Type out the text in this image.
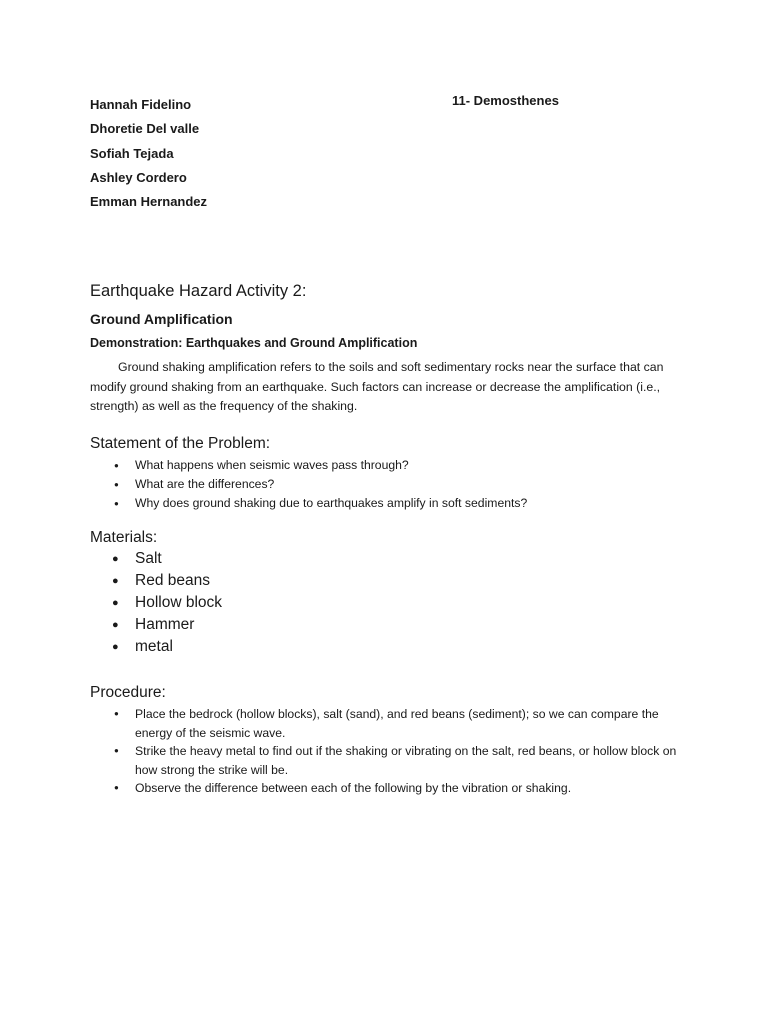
Hannah Fidelino
Dhoretie Del valle
Sofiah Tejada
Ashley Cordero
Emman Hernandez
11- Demosthenes
Earthquake Hazard Activity 2:
Ground Amplification
Demonstration: Earthquakes and Ground Amplification
Ground shaking amplification refers to the soils and soft sedimentary rocks near the surface that can modify ground shaking from an earthquake. Such factors can increase or decrease the amplification (i.e., strength) as well as the frequency of the shaking.
Statement of the Problem:
● What happens when seismic waves pass through?
● What are the differences?
● Why does ground shaking due to earthquakes amplify in soft sediments?
Materials:
● Salt
● Red beans
● Hollow block
● Hammer
● metal
Procedure:
● Place the bedrock (hollow blocks), salt (sand), and red beans (sediment); so we can compare the energy of the seismic wave.
● Strike the heavy metal to find out if the shaking or vibrating on the salt, red beans, or hollow block on how strong the strike will be.
● Observe the difference between each of the following by the vibration or shaking.
